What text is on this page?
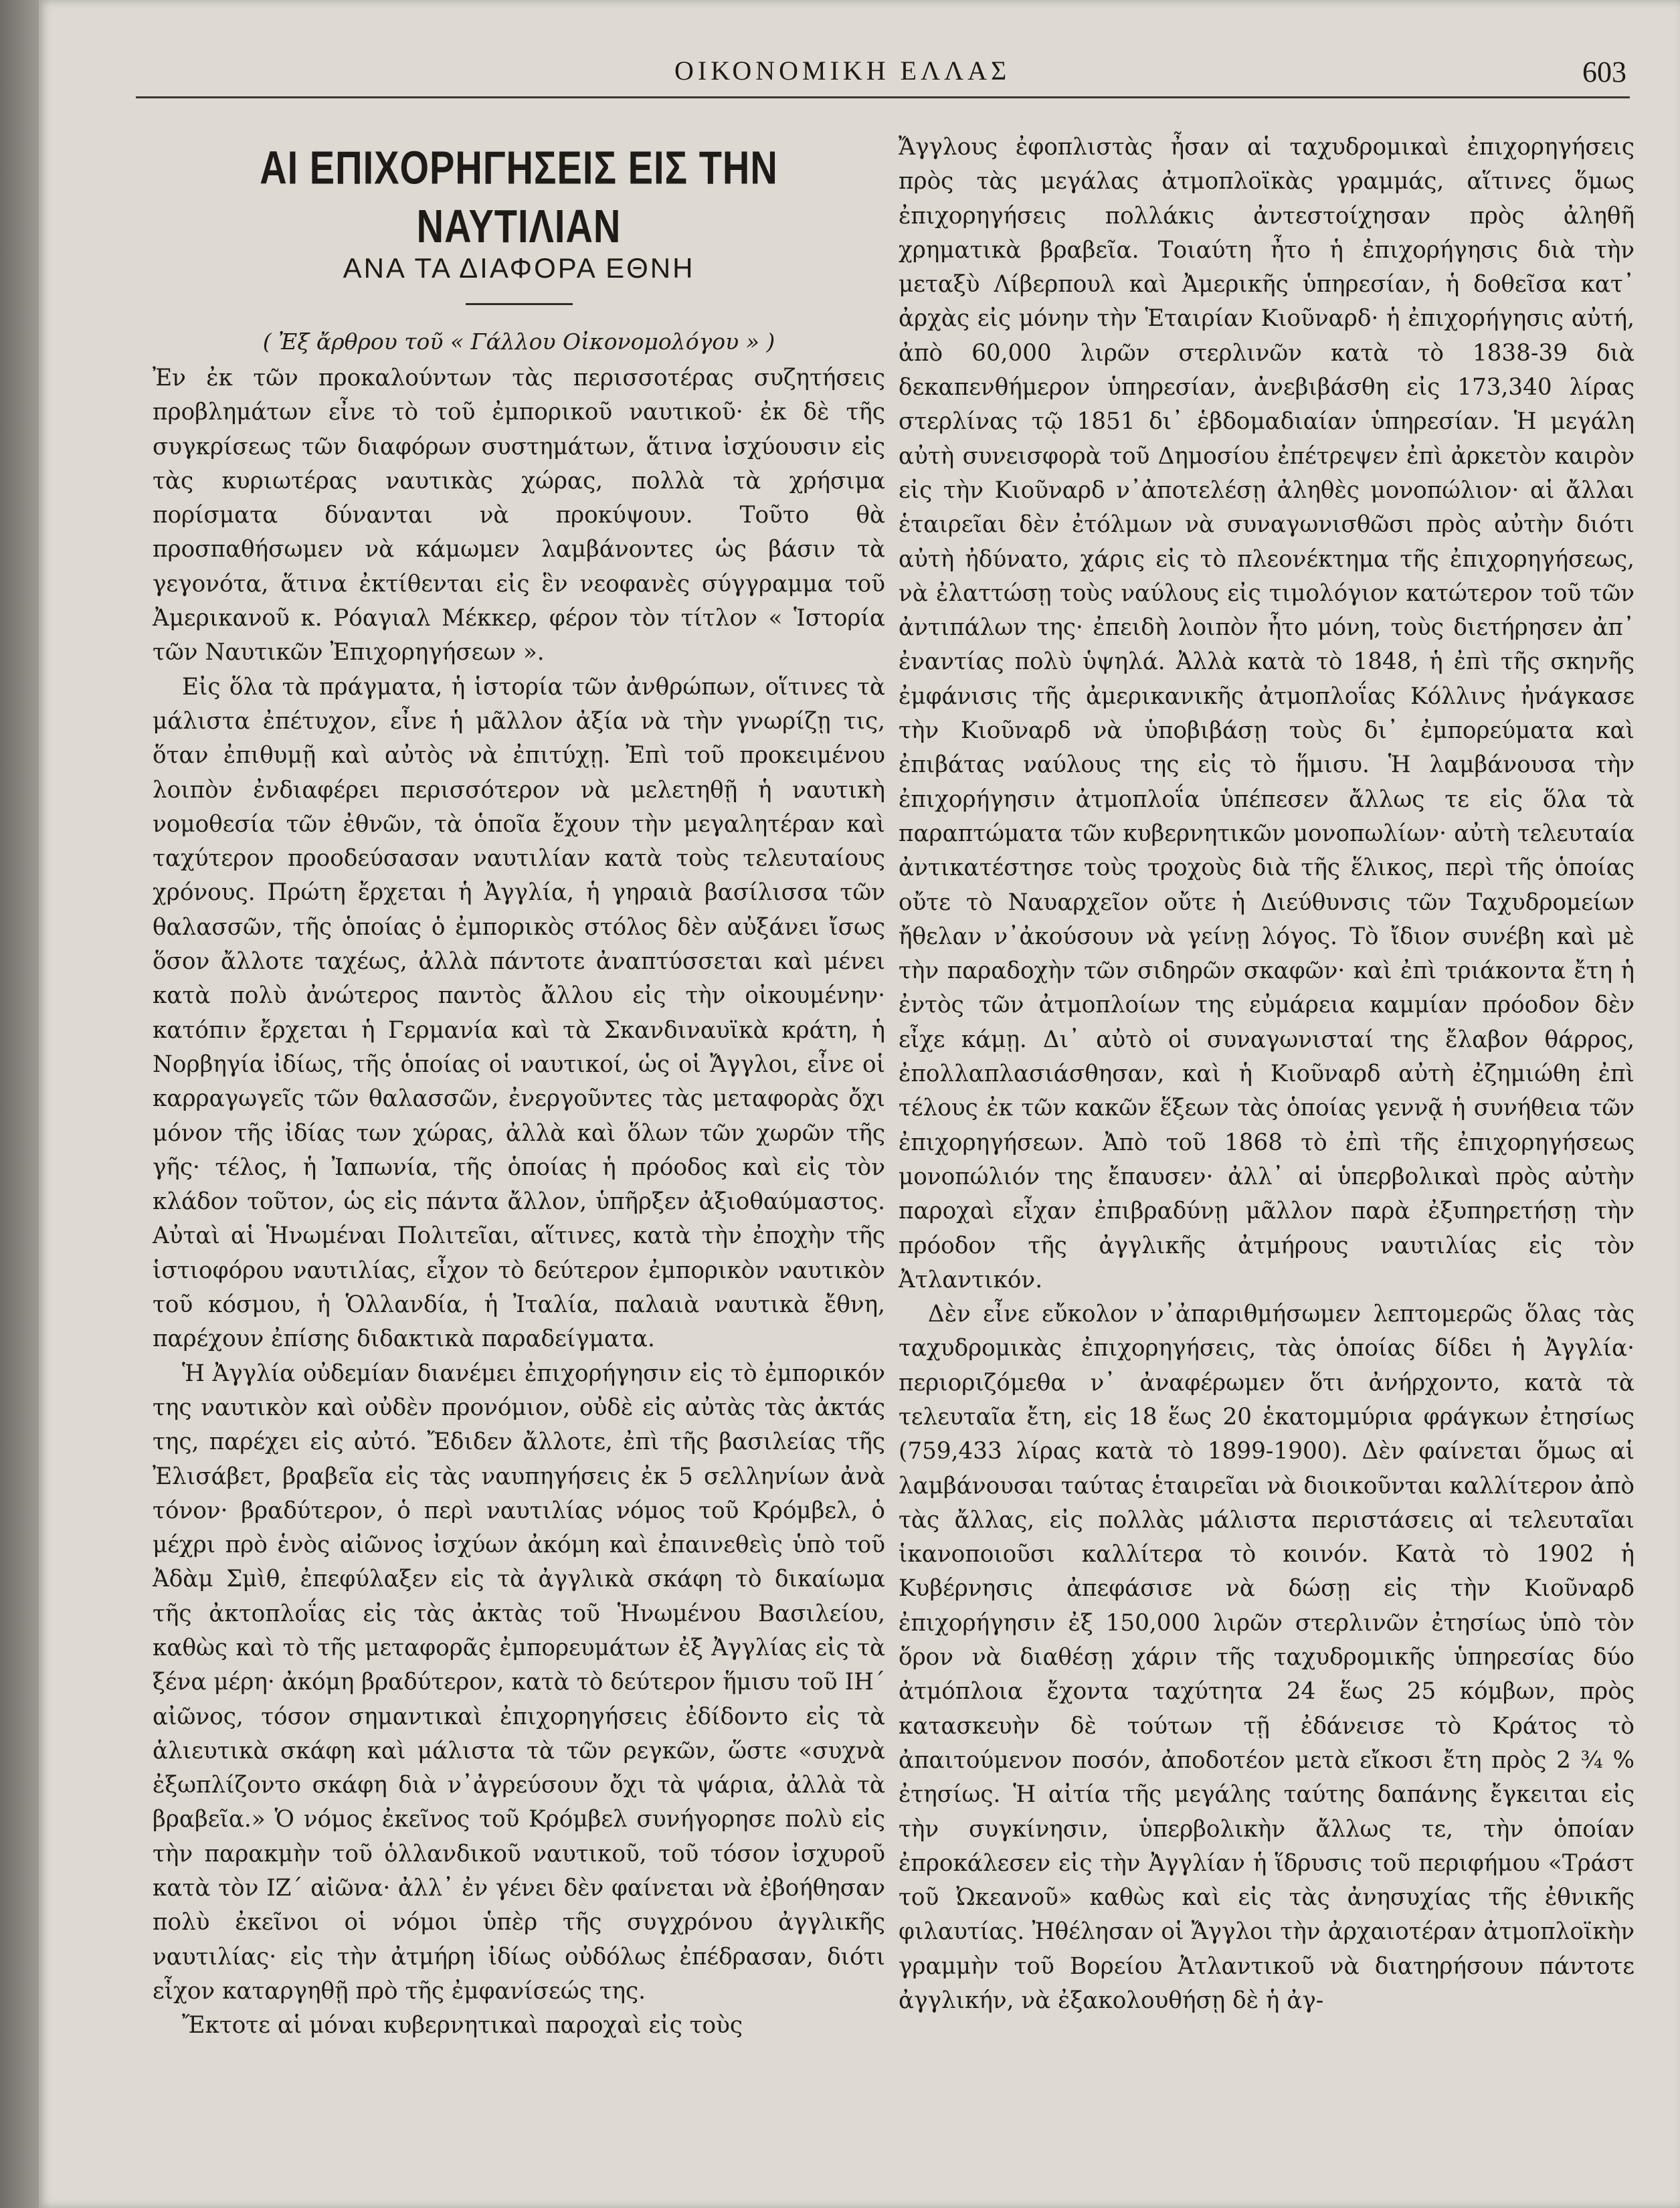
ΟΙΚΟΝΟΜΙΚΗ ΕΛΛΑΣ	603
ΑΙ ΕΠΙΧΟΡΗΓΗΣΕΙΣ ΕΙΣ ΤΗΝ ΝΑΥΤΙΛΙΑΝ
ΑΝΑ ΤΑ ΔΙΑΦΟΡΑ ΕΘΝΗ
( Ἐξ ἄρθρου τοῦ « Γάλλου Οἰκονομολόγου » )

Ἐν ἐκ τῶν προκαλούντων τὰς περισσοτέρας συζητήσεις προβλημάτων εἶνε τὸ τοῦ ἐμπορικοῦ ναυτικοῦ· ἐκ δὲ τῆς συγκρίσεως τῶν διαφόρων συστημάτων, ἅτινα ἰσχύουσιν εἰς τὰς κυριωτέρας ναυτικὰς χώρας, πολλὰ τὰ χρήσιμα πορίσματα δύνανται νὰ προκύψουν. Τοῦτο θὰ προσπαθήσωμεν νὰ κάμωμεν λαμβάνοντες ὡς βάσιν τὰ γεγονότα, ἅτινα ἐκτίθενται εἰς ἓν νεοφανὲς σύγγραμμα τοῦ Ἀμερικανοῦ κ. Ρόαγιαλ Μέκκερ, φέρον τὸν τίτλον « Ἱστορία τῶν Ναυτικῶν Ἐπιχορηγήσεων ».

Εἰς ὅλα τὰ πράγματα, ἡ ἱστορία τῶν ἀνθρώπων, οἵτινες τὰ μάλιστα ἐπέτυχον, εἶνε ἡ μᾶλλον ἀξία νὰ τὴν γνωρίζῃ τις, ὅταν ἐπιθυμῇ καὶ αὐτὸς νὰ ἐπιτύχῃ. Ἐπὶ τοῦ προκειμένου λοιπὸν ἐνδιαφέρει περισσότερον νὰ μελετηθῇ ἡ ναυτικὴ νομοθεσία τῶν ἐθνῶν, τὰ ὁποῖα ἔχουν τὴν μεγαλητέραν καὶ ταχύτερον προοδεύσασαν ναυτιλίαν κατὰ τοὺς τελευταίους χρόνους. Πρώτη ἔρχεται ἡ Ἀγγλία, ἡ γηραιὰ βασίλισσα τῶν θαλασσῶν, τῆς ὁποίας ὁ ἐμπορικὸς στόλος δὲν αὐξάνει ἴσως ὅσον ἄλλοτε ταχέως, ἀλλὰ πάντοτε ἀναπτύσσεται καὶ μένει κατὰ πολὺ ἀνώτερος παντὸς ἄλλου εἰς τὴν οἰκουμένην· κατόπιν ἔρχεται ἡ Γερμανία καὶ τὰ Σκανδιναυϊκὰ κράτη, ἡ Νορβηγία ἰδίως, τῆς ὁποίας οἱ ναυτικοί, ὡς οἱ Ἄγγλοι, εἶνε οἱ καρραγωγεῖς τῶν θαλασσῶν, ἐνεργοῦντες τὰς μεταφορὰς ὄχι μόνον τῆς ἰδίας των χώρας, ἀλλὰ καὶ ὅλων τῶν χωρῶν τῆς γῆς· τέλος, ἡ Ἰαπωνία, τῆς ὁποίας ἡ πρόοδος καὶ εἰς τὸν κλάδον τοῦτον, ὡς εἰς πάντα ἄλλον, ὑπῆρξεν ἀξιοθαύμαστος. Αὐταὶ αἱ Ἡνωμέναι Πολιτεῖαι, αἵτινες, κατὰ τὴν ἐποχὴν τῆς ἱστιοφόρου ναυτιλίας, εἶχον τὸ δεύτερον ἐμπορικὸν ναυτικὸν τοῦ κόσμου, ἡ Ὁλλανδία, ἡ Ἰταλία, παλαιὰ ναυτικὰ ἔθνη, παρέχουν ἐπίσης διδακτικὰ παραδείγματα.

Ἡ Ἀγγλία οὐδεμίαν διανέμει ἐπιχορήγησιν εἰς τὸ ἐμπορικόν της ναυτικὸν καὶ οὐδὲν προνόμιον, οὐδὲ εἰς αὐτὰς τὰς ἀκτάς της, παρέχει εἰς αὐτό. Ἔδιδεν ἄλλοτε, ἐπὶ τῆς βασιλείας τῆς Ἐλισάβετ, βραβεῖα εἰς τὰς ναυπηγήσεις ἐκ 5 σελληνίων ἀνὰ τόνον· βραδύτερον, ὁ περὶ ναυτιλίας νόμος τοῦ Κρόμβελ, ὁ μέχρι πρὸ ἑνὸς αἰῶνος ἰσχύων ἀκόμη καὶ ἐπαινεθεὶς ὑπὸ τοῦ Ἀδὰμ Σμὶθ, ἐπεφύλαξεν εἰς τὰ ἀγγλικὰ σκάφη τὸ δικαίωμα τῆς ἀκτοπλοΐας εἰς τὰς ἀκτὰς τοῦ Ἡνωμένου Βασιλείου, καθὼς καὶ τὸ τῆς μεταφορᾶς ἐμπορευμάτων ἐξ Ἀγγλίας εἰς τὰ ξένα μέρη· ἀκόμη βραδύτερον, κατὰ τὸ δεύτερον ἥμισυ τοῦ ΙΗ΄ αἰῶνος, τόσον σημαντικαὶ ἐπιχορηγήσεις ἐδίδοντο εἰς τὰ ἁλιευτικὰ σκάφη καὶ μάλιστα τὰ τῶν ρεγκῶν, ὥστε «συχνὰ ἐξωπλίζοντο σκάφη διὰ ν᾽ἀγρεύσουν ὄχι τὰ ψάρια, ἀλλὰ τὰ βραβεῖα.» Ὁ νόμος ἐκεῖνος τοῦ Κρόμβελ συνήγορησε πολὺ εἰς τὴν παρακμὴν τοῦ ὁλλανδικοῦ ναυτικοῦ, τοῦ τόσον ἰσχυροῦ κατὰ τὸν ΙΖ΄ αἰῶνα· ἀλλ᾽ ἐν γένει δὲν φαίνεται νὰ ἐβοήθησαν πολὺ ἐκεῖνοι οἱ νόμοι ὑπὲρ τῆς συγχρόνου ἀγγλικῆς ναυτιλίας· εἰς τὴν ἀτμήρη ἰδίως οὐδόλως ἐπέδρασαν, διότι εἶχον καταργηθῇ πρὸ τῆς ἐμφανίσεώς της.

Ἔκτοτε αἱ μόναι κυβερνητικαὶ παροχαὶ εἰς τοὺς

Ἄγγλους ἐφοπλιστὰς ἦσαν αἱ ταχυδρομικαὶ ἐπιχορηγήσεις πρὸς τὰς μεγάλας ἀτμοπλοϊκὰς γραμμάς, αἵτινες ὅμως ἐπιχορηγήσεις πολλάκις ἀντεστοίχησαν πρὸς ἀληθῆ χρηματικὰ βραβεῖα. Τοιαύτη ἦτο ἡ ἐπιχορήγησις διὰ τὴν μεταξὺ Λίβερπουλ καὶ Ἀμερικῆς ὑπηρεσίαν, ἡ δοθεῖσα κατ᾽ ἀρχὰς εἰς μόνην τὴν Ἑταιρίαν Κιοῦναρδ· ἡ ἐπιχορήγησις αὐτή, ἀπὸ 60,000 λιρῶν στερλινῶν κατὰ τὸ 1838-39 διὰ δεκαπενθήμερον ὑπηρεσίαν, ἀνεβιβάσθη εἰς 173,340 λίρας στερλίνας τῷ 1851 δι᾽ ἑβδομαδιαίαν ὑπηρεσίαν. Ἡ μεγάλη αὐτὴ συνεισφορὰ τοῦ Δημοσίου ἐπέτρεψεν ἐπὶ ἀρκετὸν καιρὸν εἰς τὴν Κιοῦναρδ ν᾽ἀποτελέσῃ ἀληθὲς μονοπώλιον· αἱ ἄλλαι ἑταιρεῖαι δὲν ἐτόλμων νὰ συναγωνισθῶσι πρὸς αὐτὴν διότι αὐτὴ ἠδύνατο, χάρις εἰς τὸ πλεονέκτημα τῆς ἐπιχορηγήσεως, νὰ ἐλαττώσῃ τοὺς ναύλους εἰς τιμολόγιον κατώτερον τοῦ τῶν ἀντιπάλων της· ἐπειδὴ λοιπὸν ἦτο μόνη, τοὺς διετήρησεν ἀπ᾽ ἐναντίας πολὺ ὑψηλά. Ἀλλὰ κατὰ τὸ 1848, ἡ ἐπὶ τῆς σκηνῆς ἐμφάνισις τῆς ἀμερικανικῆς ἀτμοπλοΐας Κόλλινς ἠνάγκασε τὴν Κιοῦναρδ νὰ ὑποβιβάσῃ τοὺς δι᾽ ἐμπορεύματα καὶ ἐπιβάτας ναύλους της εἰς τὸ ἥμισυ. Ἡ λαμβάνουσα τὴν ἐπιχορήγησιν ἀτμοπλοΐα ὑπέπεσεν ἄλλως τε εἰς ὅλα τὰ παραπτώματα τῶν κυβερνητικῶν μονοπωλίων· αὐτὴ τελευταία ἀντικατέστησε τοὺς τροχοὺς διὰ τῆς ἕλικος, περὶ τῆς ὁποίας οὔτε τὸ Ναυαρχεῖον οὔτε ἡ Διεύθυνσις τῶν Ταχυδρομείων ἤθελαν ν᾽ἀκούσουν νὰ γείνῃ λόγος. Τὸ ἴδιον συνέβη καὶ μὲ τὴν παραδοχὴν τῶν σιδηρῶν σκαφῶν· καὶ ἐπὶ τριάκοντα ἔτη ἡ ἐντὸς τῶν ἀτμοπλοίων της εὐμάρεια καμμίαν πρόοδον δὲν εἶχε κάμῃ. Δι᾽ αὐτὸ οἱ συναγωνισταί της ἔλαβον θάρρος, ἐπολλαπλασιάσθησαν, καὶ ἡ Κιοῦναρδ αὐτὴ ἐζημιώθη ἐπὶ τέλους ἐκ τῶν κακῶν ἕξεων τὰς ὁποίας γεννᾷ ἡ συνήθεια τῶν ἐπιχορηγήσεων. Ἀπὸ τοῦ 1868 τὸ ἐπὶ τῆς ἐπιχορηγήσεως μονοπώλιόν της ἔπαυσεν· ἀλλ᾽ αἱ ὑπερβολικαὶ πρὸς αὐτὴν παροχαὶ εἶχαν ἐπιβραδύνῃ μᾶλλον παρὰ ἐξυπηρετήσῃ τὴν πρόοδον τῆς ἀγγλικῆς ἀτμήρους ναυτιλίας εἰς τὸν Ἀτλαντικόν.

Δὲν εἶνε εὔκολον ν᾽ἀπαριθμήσωμεν λεπτομερῶς ὅλας τὰς ταχυδρομικὰς ἐπιχορηγήσεις, τὰς ὁποίας δίδει ἡ Ἀγγλία· περιοριζόμεθα ν᾽ ἀναφέρωμεν ὅτι ἀνήρχοντο, κατὰ τὰ τελευταῖα ἔτη, εἰς 18 ἕως 20 ἑκατομμύρια φράγκων ἐτησίως (759,433 λίρας κατὰ τὸ 1899-1900). Δὲν φαίνεται ὅμως αἱ λαμβάνουσαι ταύτας ἑταιρεῖαι νὰ διοικοῦνται καλλίτερον ἀπὸ τὰς ἄλλας, εἰς πολλὰς μάλιστα περιστάσεις αἱ τελευταῖαι ἱκανοποιοῦσι καλλίτερα τὸ κοινόν. Κατὰ τὸ 1902 ἡ Κυβέρνησις ἀπεφάσισε νὰ δώσῃ εἰς τὴν Κιοῦναρδ ἐπιχορήγησιν ἐξ 150,000 λιρῶν στερλινῶν ἐτησίως ὑπὸ τὸν ὅρον νὰ διαθέσῃ χάριν τῆς ταχυδρομικῆς ὑπηρεσίας δύο ἀτμόπλοια ἔχοντα ταχύτητα 24 ἕως 25 κόμβων, πρὸς κατασκευὴν δὲ τούτων τῇ ἐδάνεισε τὸ Κράτος τὸ ἀπαιτούμενον ποσόν, ἀποδοτέον μετὰ εἴκοσι ἔτη πρὸς 2 ¾ % ἐτησίως. Ἡ αἰτία τῆς μεγάλης ταύτης δαπάνης ἔγκειται εἰς τὴν συγκίνησιν, ὑπερβολικὴν ἄλλως τε, τὴν ὁποίαν ἐπροκάλεσεν εἰς τὴν Ἀγγλίαν ἡ ἵδρυσις τοῦ περιφήμου «Τράστ τοῦ Ὠκεανοῦ» καθὼς καὶ εἰς τὰς ἀνησυχίας τῆς ἐθνικῆς φιλαυτίας. Ἠθέλησαν οἱ Ἄγγλοι τὴν ἀρχαιοτέραν ἀτμοπλοϊκὴν γραμμὴν τοῦ Βορείου Ἀτλαντικοῦ νὰ διατηρήσουν πάντοτε ἀγγλικήν, νὰ ἐξακολουθήσῃ δὲ ἡ ἀγ-
